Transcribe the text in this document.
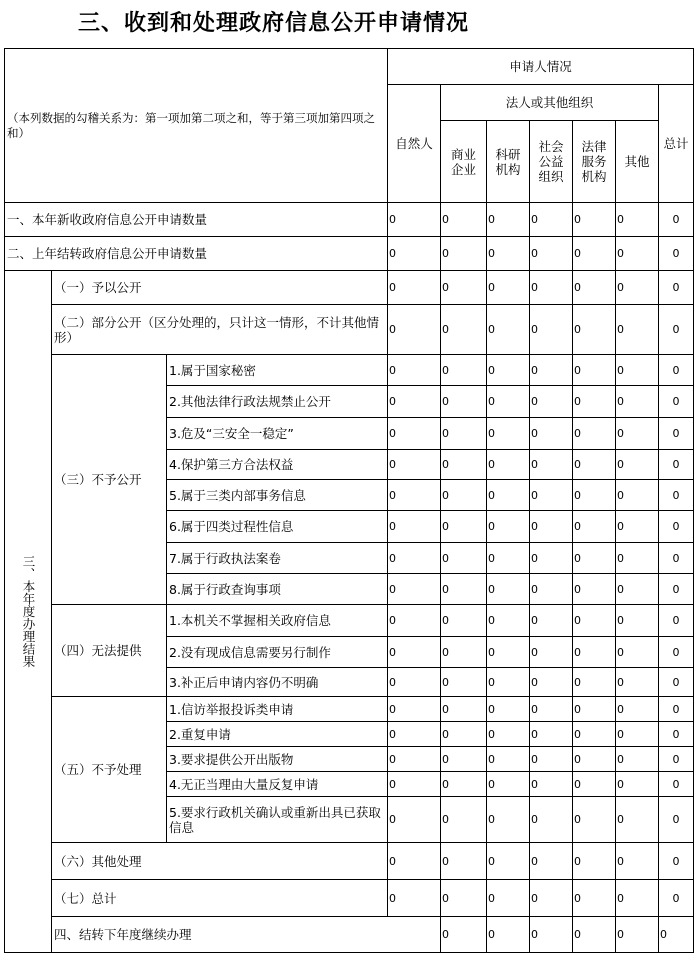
三、收到和处理政府信息公开申请情况
（本列数据的勾稽关系为：第一项加第二项之和，等于第三项加第四项之和）			申请人情况							
			自然人	法人或其他组织					总计	

				商业企业	科研机构	社会公益组织	法律服务机构	其他		
一、本年新收政府信息公开申请数量			0	0	0	0	0	0	0	
二、上年结转政府信息公开申请数量			0	0	0	0	0	0	0	

三、本年度办理结果	（一）予以公开		0	0	0	0	0	0	0	
	（二）部分公开（区分处理的，只计这一情形，不计其他情形）		0	0	0	0	0	0	0	
	（三）不予公开	1.属于国家秘密	0	0	0	0	0	0	0	
		2.其他法律行政法规禁止公开	0	0	0	0	0	0	0	
		3.危及“三安全一稳定”	0	0	0	0	0	0	0	
		4.保护第三方合法权益	0	0	0	0	0	0	0	
		5.属于三类内部事务信息	0	0	0	0	0	0	0	
		6.属于四类过程性信息	0	0	0	0	0	0	0	
		7.属于行政执法案卷	0	0	0	0	0	0	0	
		8.属于行政查询事项	0	0	0	0	0	0	0	
	（四）无法提供	1.本机关不掌握相关政府信息	0	0	0	0	0	0	0	
		2.没有现成信息需要另行制作	0	0	0	0	0	0	0	
		3.补正后申请内容仍不明确	0	0	0	0	0	0	0	
	（五）不予处理	1.信访举报投诉类申请	0	0	0	0	0	0	0	
		2.重复申请	0	0	0	0	0	0	0	
		3.要求提供公开出版物	0	0	0	0	0	0	0	
		4.无正当理由大量反复申请	0	0	0	0	0	0	0	
		5.要求行政机关确认或重新出具已获取信息	0	0	0	0	0	0	0	
	（六）其他处理		0	0	0	0	0	0	0	
	（七）总计		0	0	0	0	0	0	0	
	四、结转下年度继续办理			0	0	0	0	0	0	
